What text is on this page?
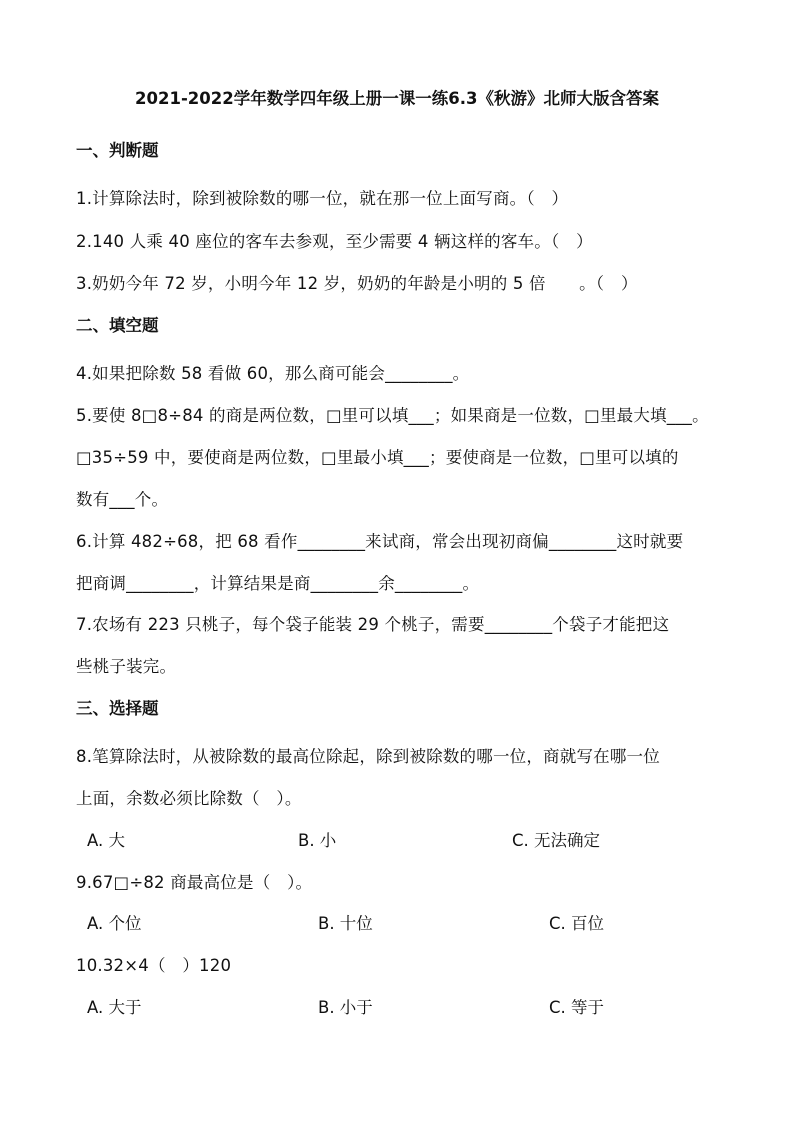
2021-2022学年数学四年级上册一课一练6.3《秋游》北师大版含答案
一、判断题
1.计算除法时，除到被除数的哪一位，就在那一位上面写商。（　）
2.140 人乘 40 座位的客车去参观，至少需要 4 辆这样的客车。（　）
3.奶奶今年 72 岁，小明今年 12 岁，奶奶的年龄是小明的 5 倍　　。（　）
二、填空题
4.如果把除数 58 看做 60，那么商可能会________。
5.要使 8□8÷84 的商是两位数，□里可以填___；如果商是一位数，□里最大填___。
□35÷59 中，要使商是两位数，□里最小填___；要使商是一位数，□里可以填的
数有___个。
6.计算 482÷68，把 68 看作________来试商，常会出现初商偏________这时就要
把商调________，计算结果是商________余________。
7.农场有 223 只桃子，每个袋子能装 29 个桃子，需要________个袋子才能把这
些桃子装完。
三、选择题
8.笔算除法时，从被除数的最高位除起，除到被除数的哪一位，商就写在哪一位
上面，余数必须比除数（　）。
A. 大	B. 小	C. 无法确定
9.67□÷82 商最高位是（　）。
A. 个位	B. 十位	C. 百位
10.32×4（　）120
A. 大于	B. 小于	C. 等于
